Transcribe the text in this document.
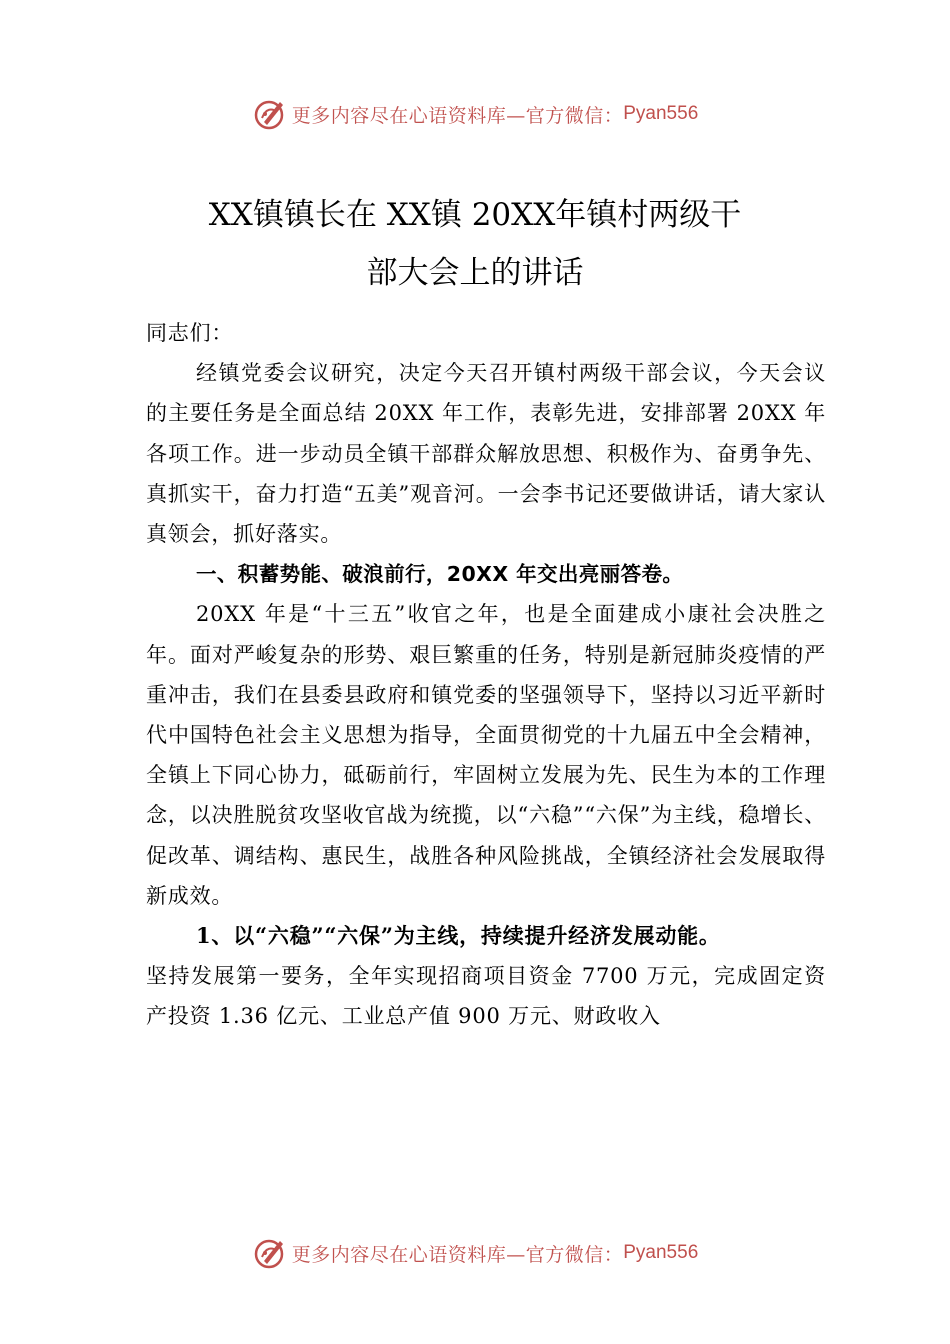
更多内容尽在心语资料库—官方微信： Pyan556
XX镇镇长在 XX镇 20XX年镇村两级干
部大会上的讲话

同志们：

经镇党委会议研究，决定今天召开镇村两级干部会议，今天会议的主要任务是全面总结 20XX 年工作，表彰先进，安排部署 20XX 年各项工作。进一步动员全镇干部群众解放思想、积极作为、奋勇争先、真抓实干，奋力打造“五美”观音河。一会李书记还要做讲话，请大家认真领会，抓好落实。

一、积蓄势能、破浪前行，20XX 年交出亮丽答卷。

20XX 年是“十三五”收官之年，也是全面建成小康社会决胜之年。面对严峻复杂的形势、艰巨繁重的任务，特别是新冠肺炎疫情的严重冲击，我们在县委县政府和镇党委的坚强领导下，坚持以习近平新时代中国特色社会主义思想为指导，全面贯彻党的十九届五中全会精神，全镇上下同心协力，砥砺前行，牢固树立发展为先、民生为本的工作理念，以决胜脱贫攻坚收官战为统揽，以“六稳”“六保”为主线，稳增长、促改革、调结构、惠民生，战胜各种风险挑战，全镇经济社会发展取得新成效。

1、以“六稳”“六保”为主线，持续提升经济发展动能。

坚持发展第一要务，全年实现招商项目资金 7700 万元，完成固定资产投资 1.36 亿元、工业总产值 900 万元、财政收入

更多内容尽在心语资料库—官方微信： Pyan556
